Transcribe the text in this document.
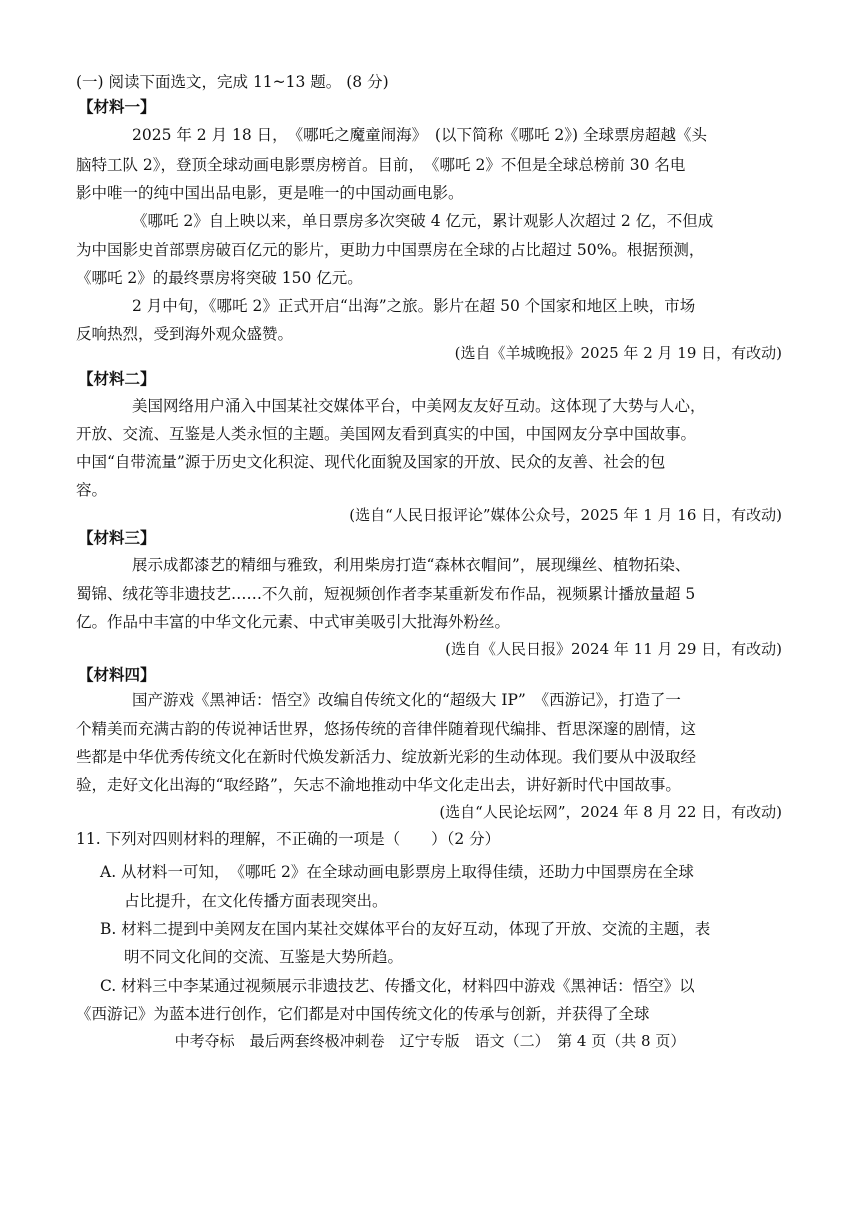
(一) 阅读下面选文，完成 11~13 题。 (8 分)
【材料一】
2025 年 2 月 18 日，　《哪吒之魔童闹海》　(以下简称《哪吒 2》) 全球票房超越《头
脑特工队 2》，登顶全球动画电影票房榜首。目前，　《哪吒 2》不但是全球总榜前 30 名电
影中唯一的纯中国出品电影，更是唯一的中国动画电影。
《哪吒 2》自上映以来，单日票房多次突破 4 亿元，累计观影人次超过 2 亿，不但成
为中国影史首部票房破百亿元的影片，更助力中国票房在全球的占比超过 50%。根据预测，
《哪吒 2》的最终票房将突破 150 亿元。
2 月中旬，《哪吒 2》正式开启“出海”之旅。影片在超 50 个国家和地区上映，市场
反响热烈，受到海外观众盛赞。
(选自《羊城晚报》2025 年 2 月 19 日，有改动)
【材料二】
美国网络用户涌入中国某社交媒体平台，中美网友友好互动。这体现了大势与人心，
开放、交流、互鉴是人类永恒的主题。美国网友看到真实的中国，中国网友分享中国故事。
中国“自带流量”源于历史文化积淀、现代化面貌及国家的开放、民众的友善、社会的包
容。
(选自“人民日报评论”媒体公众号，2025 年 1 月 16 日，有改动)
【材料三】
展示成都漆艺的精细与雅致，利用柴房打造“森林衣帽间”，展现缫丝、植物拓染、
蜀锦、绒花等非遗技艺……不久前，短视频创作者李某重新发布作品，视频累计播放量超 5
亿。作品中丰富的中华文化元素、中式审美吸引大批海外粉丝。
(选自《人民日报》2024 年 11 月 29 日，有改动)
【材料四】
国产游戏《黑神话：悟空》改编自传统文化的“超级大 IP”　《西游记》，打造了一
个精美而充满古韵的传说神话世界，悠扬传统的音律伴随着现代编排、哲思深邃的剧情，这
些都是中华优秀传统文化在新时代焕发新活力、绽放新光彩的生动体现。我们要从中汲取经
验，走好文化出海的“取经路”，矢志不渝地推动中华文化走出去，讲好新时代中国故事。
(选自“人民论坛网”，2024 年 8 月 22 日，有改动)
11. 下列对四则材料的理解，不正确的一项是（　　）（2 分）
A. 从材料一可知，　《哪吒 2》在全球动画电影票房上取得佳绩，还助力中国票房在全球
占比提升，在文化传播方面表现突出。
B. 材料二提到中美网友在国内某社交媒体平台的友好互动，体现了开放、交流的主题，表
明不同文化间的交流、互鉴是大势所趋。
C. 材料三中李某通过视频展示非遗技艺、传播文化，材料四中游戏《黑神话：悟空》以
《西游记》为蓝本进行创作，它们都是对中国传统文化的传承与创新，并获得了全球
中考夺标　最后两套终极冲刺卷　辽宁专版　语文（二）　第 4 页（共 8 页）
